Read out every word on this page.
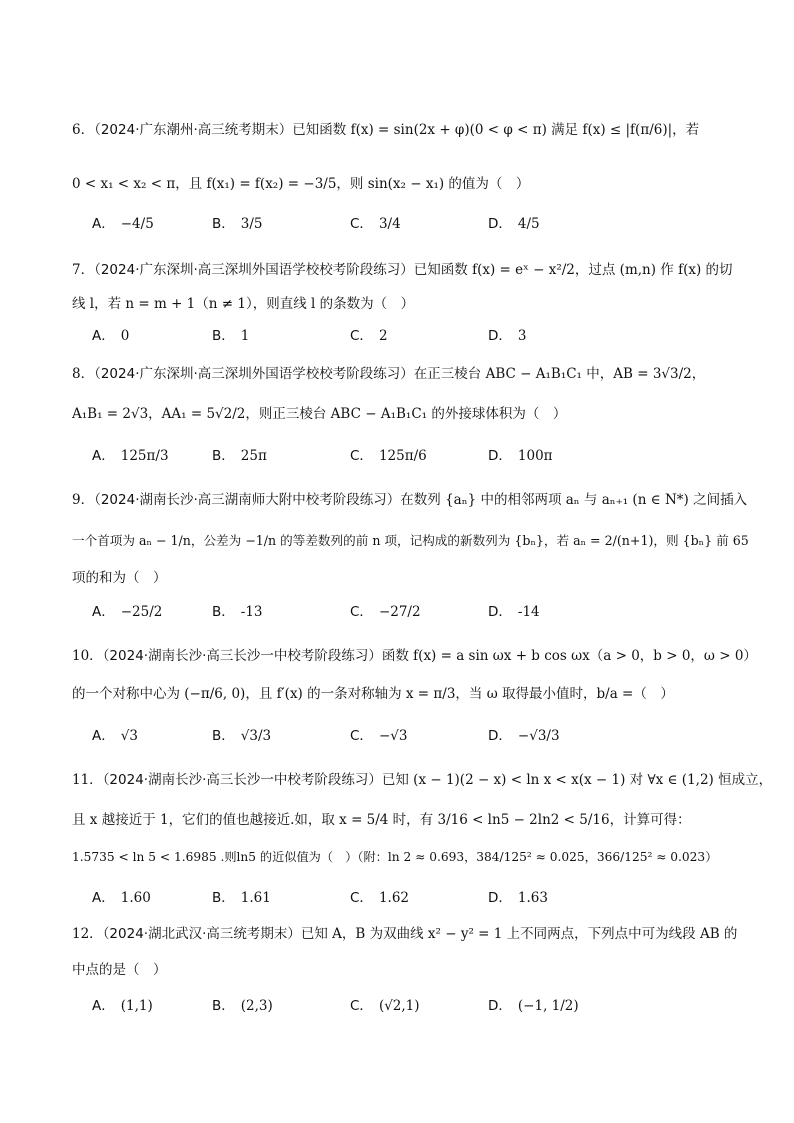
6．（2024·广东潮州·高三统考期末）已知函数 f(x) = sin(2x + φ)(0 < φ < π) 满足 f(x) ≤ |f(π/6)|，若
0 < x₁ < x₂ < π，且 f(x₁) = f(x₂) = −3/5，则 sin(x₂ − x₁) 的值为（　）
A． −4/5	B． 3/5	C． 3/4	D． 4/5
7．（2024·广东深圳·高三深圳外国语学校校考阶段练习）已知函数 f(x) = eˣ − x²/2，过点 (m,n) 作 f(x) 的切
线 l，若 n = m + 1（n ≠ 1），则直线 l 的条数为（　）
A． 0	B． 1	C． 2	D． 3
8．（2024·广东深圳·高三深圳外国语学校校考阶段练习）在正三棱台 ABC − A₁B₁C₁ 中，AB = 3√3/2，
A₁B₁ = 2√3，AA₁ = 5√2/2，则正三棱台 ABC − A₁B₁C₁ 的外接球体积为（　）
A． 125π/3	B． 25π	C． 125π/6	D． 100π
9．（2024·湖南长沙·高三湖南师大附中校考阶段练习）在数列 {aₙ} 中的相邻两项 aₙ 与 aₙ₊₁ (n ∈ N*) 之间插入
一个首项为 aₙ − 1/n，公差为 −1/n 的等差数列的前 n 项，记构成的新数列为 {bₙ}，若 aₙ = 2/(n+1)，则 {bₙ} 前 65
项的和为（　）
A． −25/2	B． -13	C． −27/2	D． -14
10．（2024·湖南长沙·高三长沙一中校考阶段练习）函数 f(x) = a sin ωx + b cos ωx（a > 0，b > 0，ω > 0）
的一个对称中心为 (−π/6, 0)，且 f′(x) 的一条对称轴为 x = π/3，当 ω 取得最小值时，b/a =（　）
A． √3	B． √3/3	C． −√3	D． −√3/3
11．（2024·湖南长沙·高三长沙一中校考阶段练习）已知 (x − 1)(2 − x) < ln x < x(x − 1) 对 ∀x ∈ (1,2) 恒成立，
且 x 越接近于 1，它们的值也越接近.如，取 x = 5/4 时，有 3/16 < ln5 − 2ln2 < 5/16，计算可得：
1.5735 < ln 5 < 1.6985 .则ln5 的近似值为（　）（附：ln 2 ≈ 0.693，384/125² ≈ 0.025，366/125² ≈ 0.023）
A． 1.60	B． 1.61	C． 1.62	D． 1.63
12．（2024·湖北武汉·高三统考期末）已知 A，B 为双曲线 x² − y² = 1 上不同两点，下列点中可为线段 AB 的
中点的是（　）
A． (1,1)	B． (2,3)	C． (√2,1)	D． (−1, 1/2)
